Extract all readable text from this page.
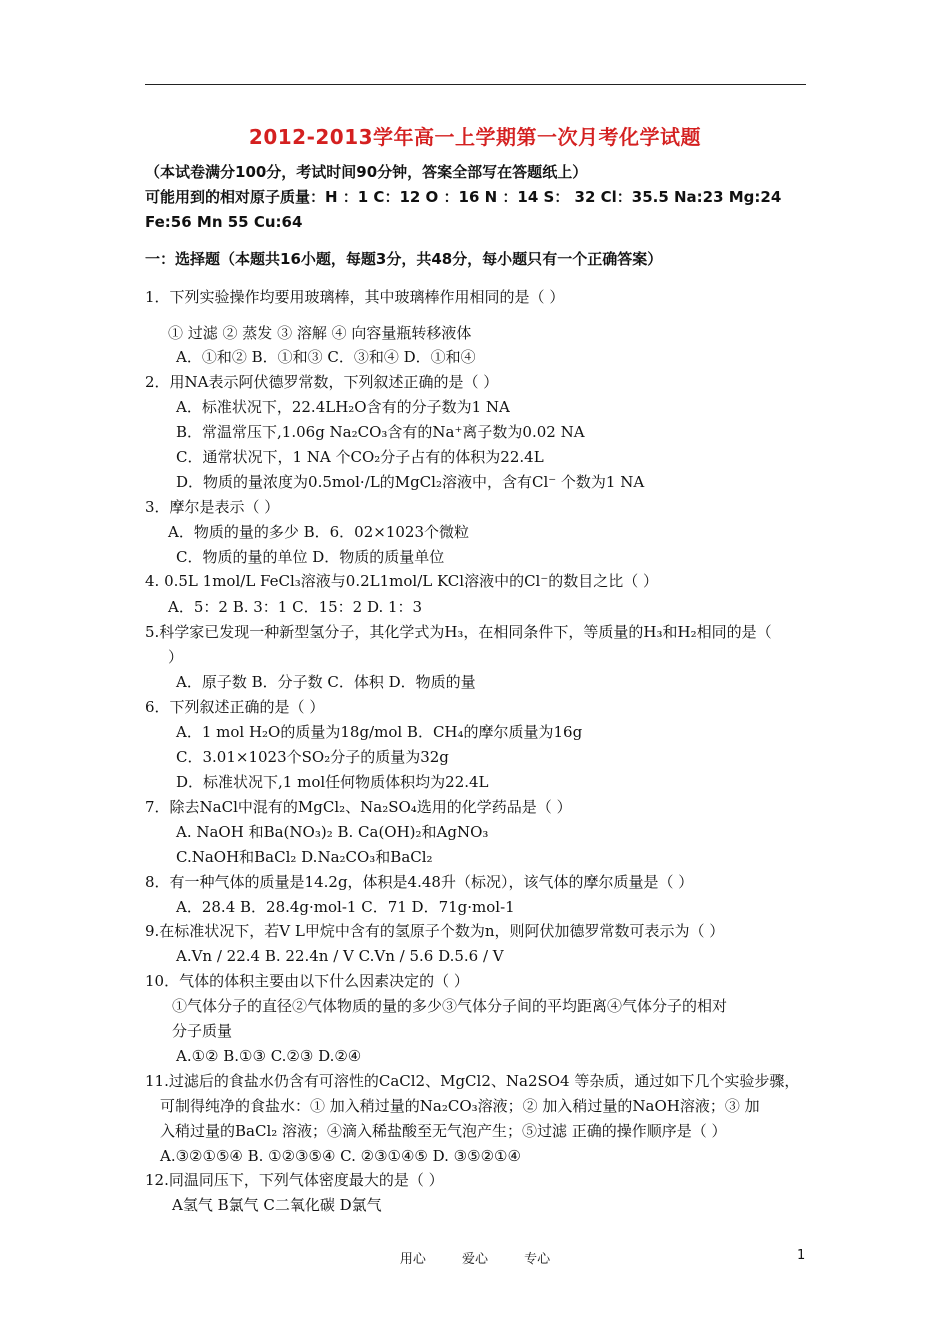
2012-2013学年高一上学期第一次月考化学试题
（本试卷满分100分，考试时间90分钟，答案全部写在答题纸上）
可能用到的相对原子质量：H ：1 C：12 O ：16 N ：14 S： 32 Cl：35.5 Na:23 Mg:24
Fe:56 Mn 55 Cu:64
一：选择题（本题共16小题，每题3分，共48分，每小题只有一个正确答案）
1．下列实验操作均要用玻璃棒，其中玻璃棒作用相同的是（ ）
① 过滤 ② 蒸发 ③ 溶解 ④ 向容量瓶转移液体
A．①和② B．①和③ C．③和④ D．①和④
2．用NA表示阿伏德罗常数，下列叙述正确的是（ ）
A．标准状况下，22.4LH₂O含有的分子数为1 NA
B．常温常压下,1.06g Na₂CO₃含有的Na⁺离子数为0.02 NA
C．通常状况下，1 NA 个CO₂分子占有的体积为22.4L
D．物质的量浓度为0.5mol·/L的MgCl₂溶液中，含有Cl⁻ 个数为1 NA
3．摩尔是表示（ ）
A．物质的量的多少 B．6．02×1023个微粒
C．物质的量的单位 D．物质的质量单位
4. 0.5L 1mol/L FeCl₃溶液与0.2L1mol/L KCl溶液中的Cl⁻的数目之比（ ）
A．5：2 B. 3：1 C．15：2 D. 1：3
5.科学家已发现一种新型氢分子，其化学式为H₃，在相同条件下，等质量的H₃和H₂相同的是（
）
A．原子数 B．分子数 C．体积 D．物质的量
6．下列叙述正确的是（ ）
A．1 mol H₂O的质量为18g/mol B．CH₄的摩尔质量为16g
C．3.01×1023个SO₂分子的质量为32g
D．标准状况下,1 mol任何物质体积均为22.4L
7．除去NaCl中混有的MgCl₂、Na₂SO₄选用的化学药品是（ ）
A. NaOH 和Ba(NO₃)₂ B. Ca(OH)₂和AgNO₃
C.NaOH和BaCl₂ D.Na₂CO₃和BaCl₂
8．有一种气体的质量是14.2g，体积是4.48升（标况），该气体的摩尔质量是（ ）
A．28.4 B．28.4g·mol-1 C．71 D．71g·mol-1
9.在标准状况下，若V L甲烷中含有的氢原子个数为n，则阿伏加德罗常数可表示为（ ）
A.Vn / 22.4 B. 22.4n / V C.Vn / 5.6 D.5.6 / V
10．气体的体积主要由以下什么因素决定的（ ）
①气体分子的直径②气体物质的量的多少③气体分子间的平均距离④气体分子的相对
分子质量
A.①② B.①③ C.②③ D.②④
11.过滤后的食盐水仍含有可溶性的CaCl2、MgCl2、Na2SO4 等杂质，通过如下几个实验步骤，
可制得纯净的食盐水：① 加入稍过量的Na₂CO₃溶液；② 加入稍过量的NaOH溶液；③ 加
入稍过量的BaCl₂ 溶液；④滴入稀盐酸至无气泡产生；⑤过滤 正确的操作顺序是（ ）
A.③②①⑤④ B. ①②③⑤④ C. ②③①④⑤ D. ③⑤②①④
12.同温同压下，下列气体密度最大的是（ ）
A氢气 B氯气 C二氧化碳 D氯气
用心	爱心	专心	1
